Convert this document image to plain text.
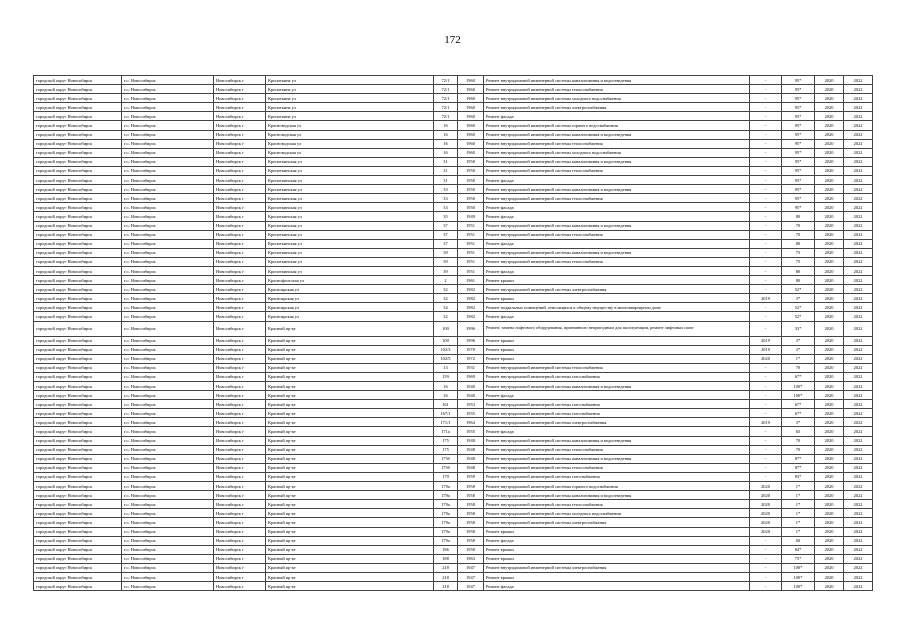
172
городской округ Новосибирск	г.о. Новосибирск	Новосибирск г	Кропоткина ул	72/1	1960	Ремонт внутридомовой инженерной системы канализования и водоотведения	-	95*	2020	2022
городской округ Новосибирск	г.о. Новосибирск	Новосибирск г	Кропоткина ул	72/1	1960	Ремонт внутридомовой инженерной системы теплоснабжения	-	95*	2020	2022
городской округ Новосибирск	г.о. Новосибирск	Новосибирск г	Кропоткина ул	72/1	1960	Ремонт внутридомовой инженерной системы холодного водоснабжения	-	95*	2020	2022
городской округ Новосибирск	г.о. Новосибирск	Новосибирск г	Кропоткина ул	72/1	1960	Ремонт внутридомовой инженерной системы электроснабжения	-	95*	2020	2022
городской округ Новосибирск	г.о. Новосибирск	Новосибирск г	Кропоткина ул	72/1	1960	Ремонт фасада	-	95*	2020	2022
городской округ Новосибирск	г.о. Новосибирск	Новосибирск г	Красноводская ул	16	1960	Ремонт внутридомовой инженерной системы горячего водоснабжения	-	95*	2020	2022
городской округ Новосибирск	г.о. Новосибирск	Новосибирск г	Красноводская ул	16	1960	Ремонт внутридомовой инженерной системы канализования и водоотведения	-	95*	2020	2022
городской округ Новосибирск	г.о. Новосибирск	Новосибирск г	Красноводская ул	16	1960	Ремонт внутридомовой инженерной системы теплоснабжения	-	95*	2020	2022
городской округ Новосибирск	г.о. Новосибирск	Новосибирск г	Красноводская ул	16	1960	Ремонт внутридомовой инженерной системы холодного водоснабжения	-	95*	2020	2022
городской округ Новосибирск	г.о. Новосибирск	Новосибирск г	Кропоткинская ул	31	1950	Ремонт внутридомовой инженерной системы канализования и водоотведения	-	95*	2020	2022
городской округ Новосибирск	г.о. Новосибирск	Новосибирск г	Кропоткинская ул	31	1950	Ремонт внутридомовой инженерной системы теплоснабжения	-	95*	2020	2022
городской округ Новосибирск	г.о. Новосибирск	Новосибирск г	Кропоткинская ул	31	1950	Ремонт фасада	-	95*	2020	2022
городской округ Новосибирск	г.о. Новосибирск	Новосибирск г	Кропоткинская ул	33	1950	Ремонт внутридомовой инженерной системы канализования и водоотведения	-	95*	2020	2022
городской округ Новосибирск	г.о. Новосибирск	Новосибирск г	Кропоткинская ул	33	1950	Ремонт внутридомовой инженерной системы теплоснабжения	-	95*	2020	2022
городской округ Новосибирск	г.о. Новосибирск	Новосибирск г	Кропоткинская ул	33	1950	Ремонт фасада	-	95*	2020	2022
городской округ Новосибирск	г.о. Новосибирск	Новосибирск г	Кропоткинская ул	35	1949	Ремонт фасада	-	80	2020	2022
городской округ Новосибирск	г.о. Новосибирск	Новосибирск г	Кропоткинская ул	37	1951	Ремонт внутридомовой инженерной системы канализования и водоотведения	-	70	2020	2022
городской округ Новосибирск	г.о. Новосибирск	Новосибирск г	Кропоткинская ул	37	1951	Ремонт внутридомовой инженерной системы теплоснабжения	-	70	2020	2022
городской округ Новосибирск	г.о. Новосибирск	Новосибирск г	Кропоткинская ул	37	1951	Ремонт фасада	-	80	2020	2022
городской округ Новосибирск	г.о. Новосибирск	Новосибирск г	Кропоткинская ул	39	1951	Ремонт внутридомовой инженерной системы канализования и водоотведения	-	75	2020	2022
городской округ Новосибирск	г.о. Новосибирск	Новосибирск г	Кропоткинская ул	39	1951	Ремонт внутридомовой инженерной системы теплоснабжения	-	75	2020	2022
городской округ Новосибирск	г.о. Новосибирск	Новосибирск г	Кропоткинская ул	39	1951	Ремонт фасада	-	80	2020	2022
городской округ Новосибирск	г.о. Новосибирск	Новосибирск г	Краснофлотская ул	2	1961	Ремонт крыши	-	80	2020	2022
городской округ Новосибирск	г.о. Новосибирск	Новосибирск г	Красноярская ул	32	1982	Ремонт внутридомовой инженерной системы электроснабжения	-	52*	2020	2022
городской округ Новосибирск	г.о. Новосибирск	Новосибирск г	Красноярская ул	32	1982	Ремонт крыши	2019	3*	2020	2022
городской округ Новосибирск	г.о. Новосибирск	Новосибирск г	Красноярская ул	34	1982	Ремонт подвальных помещений, относящихся к общему имуществу в многоквартирном доме	-	52*	2020	2022
городской округ Новосибирск	г.о. Новосибирск	Новосибирск г	Красноярская ул	32	1982	Ремонт фасада	-	52*	2020	2022
городской округ Новосибирск	г.о. Новосибирск	Новосибирск г	Красный пр-кт	100	1996	Ремонт, замена лифтового оборудования, признанного непригодным для эксплуатации, ремонт лифтовых шахт	-	33*	2020	2022
городской округ Новосибирск	г.о. Новосибирск	Новосибирск г	Красный пр-кт	100	1996	Ремонт крыши	2019	3*	2020	2022
городской округ Новосибирск	г.о. Новосибирск	Новосибирск г	Красный пр-кт	102/3	1970	Ремонт крыши	2019	3*	2020	2022
городской округ Новосибирск	г.о. Новосибирск	Новосибирск г	Красный пр-кт	102/5	1972	Ремонт крыши	2020	1*	2020	2022
городской округ Новосибирск	г.о. Новосибирск	Новосибирск г	Красный пр-кт	13	1931	Ремонт внутридомовой инженерной системы теплоснабжения	-	70	2020	2022
городской округ Новосибирск	г.о. Новосибирск	Новосибирск г	Красный пр-кт	159	1969	Ремонт внутридомовой инженерной системы газоснабжения	-	67*	2020	2022
городской округ Новосибирск	г.о. Новосибирск	Новосибирск г	Красный пр-кт	16	1940	Ремонт внутридомовой инженерной системы канализования и водоотведения	-	100*	2020	2022
городской округ Новосибирск	г.о. Новосибирск	Новосибирск г	Красный пр-кт	16	1940	Ремонт фасада	-	100*	2020	2022
городской округ Новосибирск	г.о. Новосибирск	Новосибирск г	Красный пр-кт	161	1953	Ремонт внутридомовой инженерной системы газоснабжения	-	67*	2020	2022
городской округ Новосибирск	г.о. Новосибирск	Новосибирск г	Красный пр-кт	167/1	1955	Ремонт внутридомовой инженерной системы газоснабжения	-	67*	2020	2022
городской округ Новосибирск	г.о. Новосибирск	Новосибирск г	Красный пр-кт	171/1	1964	Ремонт внутридомовой инженерной системы электроснабжения	2019	3*	2020	2022
городской округ Новосибирск	г.о. Новосибирск	Новосибирск г	Красный пр-кт	171а	1955	Ремонт фасада	-	65	2020	2022
городской округ Новосибирск	г.о. Новосибирск	Новосибирск г	Красный пр-кт	175	1948	Ремонт внутридомовой инженерной системы канализования и водоотведения	-	70	2020	2022
городской округ Новосибирск	г.о. Новосибирск	Новосибирск г	Красный пр-кт	175	1948	Ремонт внутридомовой инженерной системы теплоснабжения	-	70	2020	2022
городской округ Новосибирск	г.о. Новосибирск	Новосибирск г	Красный пр-кт	175б	1948	Ремонт внутридомовой инженерной системы канализования и водоотведения	-	87*	2020	2022
городской округ Новосибирск	г.о. Новосибирск	Новосибирск г	Красный пр-кт	175б	1948	Ремонт внутридомовой инженерной системы теплоснабжения	-	87*	2020	2022
городской округ Новосибирск	г.о. Новосибирск	Новосибирск г	Красный пр-кт	179	1959	Ремонт внутридомовой инженерной системы газоснабжения	-	83*	2020	2022
городской округ Новосибирск	г.о. Новосибирск	Новосибирск г	Красный пр-кт	179а	1958	Ремонт внутридомовой инженерной системы горячего водоснабжения	2020	1*	2020	2022
городской округ Новосибирск	г.о. Новосибирск	Новосибирск г	Красный пр-кт	179а	1958	Ремонт внутридомовой инженерной системы канализования и водоотведения	2020	1*	2020	2022
городской округ Новосибирск	г.о. Новосибирск	Новосибирск г	Красный пр-кт	179а	1958	Ремонт внутридомовой инженерной системы теплоснабжения	2020	1*	2020	2022
городской округ Новосибирск	г.о. Новосибирск	Новосибирск г	Красный пр-кт	179а	1958	Ремонт внутридомовой инженерной системы холодного водоснабжения	2020	1*	2020	2022
городской округ Новосибирск	г.о. Новосибирск	Новосибирск г	Красный пр-кт	179а	1958	Ремонт внутридомовой инженерной системы электроснабжения	2020	1*	2020	2022
городской округ Новосибирск	г.о. Новосибирск	Новосибирск г	Красный пр-кт	179а	1958	Ремонт крыши	2020	1*	2020	2022
городской округ Новосибирск	г.о. Новосибирск	Новосибирск г	Красный пр-кт	179а	1958	Ремонт фасада	-	60	2020	2022
городской округ Новосибирск	г.о. Новосибирск	Новосибирск г	Красный пр-кт	186	1958	Ремонт крыши	-	84*	2020	2022
городской округ Новосибирск	г.о. Новосибирск	Новосибирск г	Красный пр-кт	188	1963	Ремонт крыши	-	75*	2020	2022
городской округ Новосибирск	г.о. Новосибирск	Новосибирск г	Красный пр-кт	218	1947	Ремонт внутридомовой инженерной системы электроснабжения	-	100*	2020	2022
городской округ Новосибирск	г.о. Новосибирск	Новосибирск г	Красный пр-кт	218	1947	Ремонт крыши	-	100*	2020	2022
городской округ Новосибирск	г.о. Новосибирск	Новосибирск г	Красный пр-кт	218	1947	Ремонт фасада	-	100*	2020	2022
